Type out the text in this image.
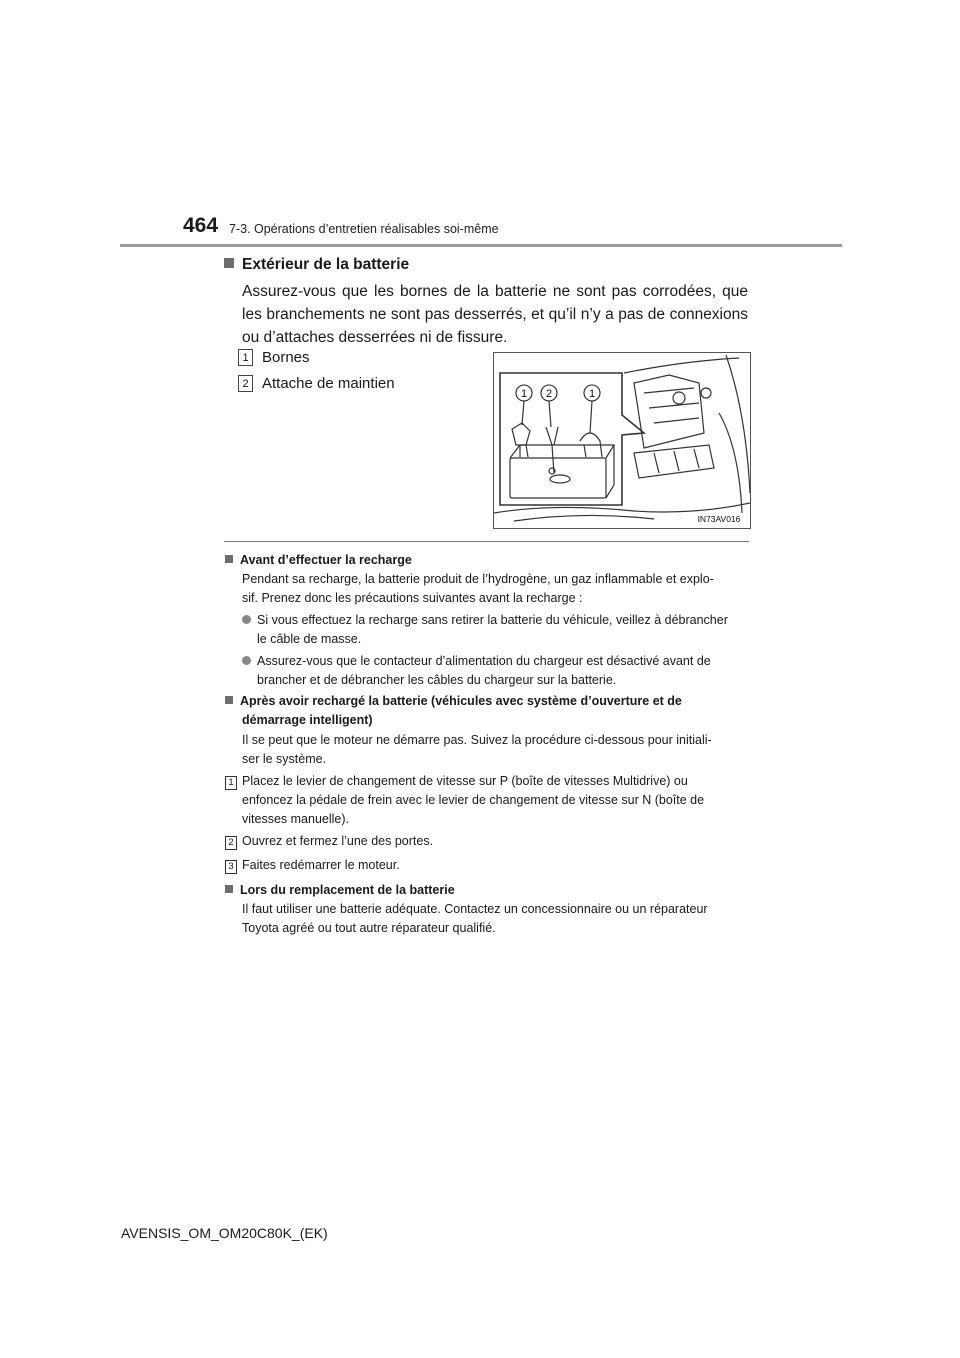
464 7-3. Opérations d’entretien réalisables soi-même
Extérieur de la batterie
Assurez-vous que les bornes de la batterie ne sont pas corrodées, que les branchements ne sont pas desserrés, et qu’il n’y a pas de connexions ou d’attaches desserrées ni de fissure.
1 Bornes
2 Attache de maintien
1 2	1
IN73AV016
Avant d’effectuer la recharge
Pendant sa recharge, la batterie produit de l’hydrogène, un gaz inflammable et explo-
sif. Prenez donc les précautions suivantes avant la recharge :
Si vous effectuez la recharge sans retirer la batterie du véhicule, veillez à débrancher
le câble de masse.
Assurez-vous que le contacteur d’alimentation du chargeur est désactivé avant de
brancher et de débrancher les câbles du chargeur sur la batterie.
Après avoir rechargé la batterie (véhicules avec système d’ouverture et de
démarrage intelligent)
Il se peut que le moteur ne démarre pas. Suivez la procédure ci-dessous pour initiali-
ser le système.
1 Placez le levier de changement de vitesse sur P (boîte de vitesses Multidrive) ou
enfoncez la pédale de frein avec le levier de changement de vitesse sur N (boîte de
vitesses manuelle).
2 Ouvrez et fermez l’une des portes.
3 Faites redémarrer le moteur.
Lors du remplacement de la batterie
Il faut utiliser une batterie adéquate. Contactez un concessionnaire ou un réparateur
Toyota agréé ou tout autre réparateur qualifié.
AVENSIS_OM_OM20C80K_(EK)
